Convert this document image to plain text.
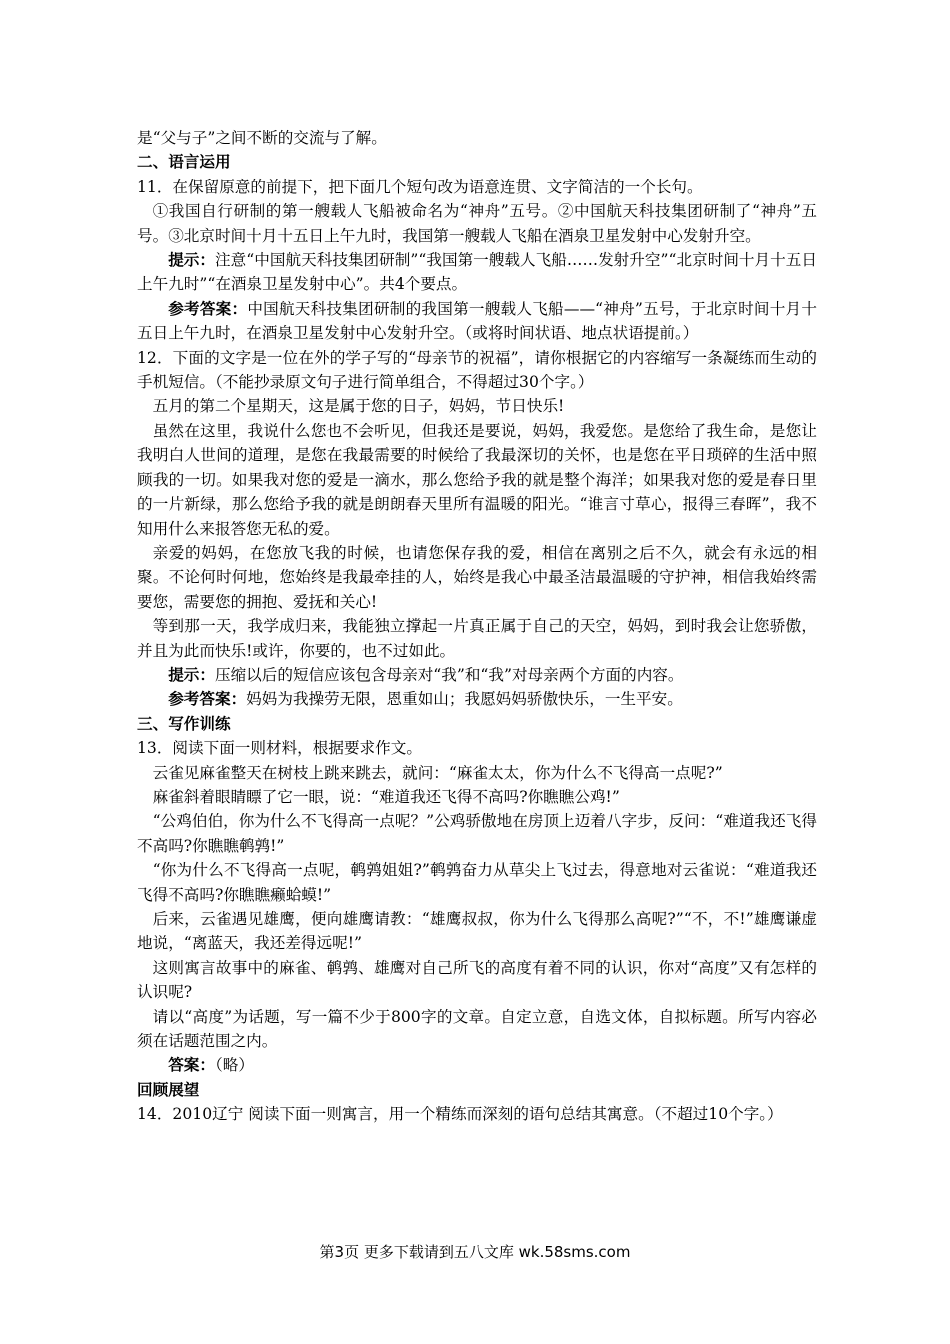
是“父与子”之间不断的交流与了解。

二、语言运用

11．在保留原意的前提下，把下面几个短句改为语意连贯、文字简洁的一个长句。

①我国自行研制的第一艘载人飞船被命名为“神舟”五号。②中国航天科技集团研制了“神舟”五号。③北京时间十月十五日上午九时，我国第一艘载人飞船在酒泉卫星发射中心发射升空。

提示：注意“中国航天科技集团研制”“我国第一艘载人飞船……发射升空”“北京时间十月十五日上午九时”“在酒泉卫星发射中心”。共4个要点。

参考答案：中国航天科技集团研制的我国第一艘载人飞船——“神舟”五号，于北京时间十月十五日上午九时，在酒泉卫星发射中心发射升空。（或将时间状语、地点状语提前。）

12．下面的文字是一位在外的学子写的“母亲节的祝福”，请你根据它的内容缩写一条凝练而生动的手机短信。（不能抄录原文句子进行简单组合，不得超过30个字。）

五月的第二个星期天，这是属于您的日子，妈妈，节日快乐!

虽然在这里，我说什么您也不会听见，但我还是要说，妈妈，我爱您。是您给了我生命，是您让我明白人世间的道理，是您在我最需要的时候给了我最深切的关怀，也是您在平日琐碎的生活中照顾我的一切。如果我对您的爱是一滴水，那么您给予我的就是整个海洋；如果我对您的爱是春日里的一片新绿，那么您给予我的就是朗朗春天里所有温暖的阳光。“谁言寸草心，报得三春晖”，我不知用什么来报答您无私的爱。

亲爱的妈妈，在您放飞我的时候，也请您保存我的爱，相信在离别之后不久，就会有永远的相聚。不论何时何地，您始终是我最牵挂的人，始终是我心中最圣洁最温暖的守护神，相信我始终需要您，需要您的拥抱、爱抚和关心!

等到那一天，我学成归来，我能独立撑起一片真正属于自己的天空，妈妈，到时我会让您骄傲，并且为此而快乐!或许，你要的，也不过如此。

提示：压缩以后的短信应该包含母亲对“我”和“我”对母亲两个方面的内容。

参考答案：妈妈为我操劳无限，恩重如山；我愿妈妈骄傲快乐，一生平安。

三、写作训练

13．阅读下面一则材料，根据要求作文。

云雀见麻雀整天在树枝上跳来跳去，就问：“麻雀太太，你为什么不飞得高一点呢?”

麻雀斜着眼睛瞟了它一眼，说：“难道我还飞得不高吗?你瞧瞧公鸡!”

“公鸡伯伯，你为什么不飞得高一点呢？”公鸡骄傲地在房顶上迈着八字步，反问：“难道我还飞得不高吗?你瞧瞧鹌鹑!”

“你为什么不飞得高一点呢，鹌鹑姐姐?”鹌鹑奋力从草尖上飞过去，得意地对云雀说：“难道我还飞得不高吗?你瞧瞧癞蛤蟆!”

后来，云雀遇见雄鹰，便向雄鹰请教：“雄鹰叔叔，你为什么飞得那么高呢?”“不，不!”雄鹰谦虚地说，“离蓝天，我还差得远呢!”

这则寓言故事中的麻雀、鹌鹑、雄鹰对自己所飞的高度有着不同的认识，你对“高度”又有怎样的认识呢?

请以“高度”为话题，写一篇不少于800字的文章。自定立意，自选文体，自拟标题。所写内容必须在话题范围之内。

答案：（略）

回顾展望

14．2010辽宁 阅读下面一则寓言，用一个精练而深刻的语句总结其寓意。（不超过10个字。）

第3页 更多下载请到五八文库 wk.58sms.com
